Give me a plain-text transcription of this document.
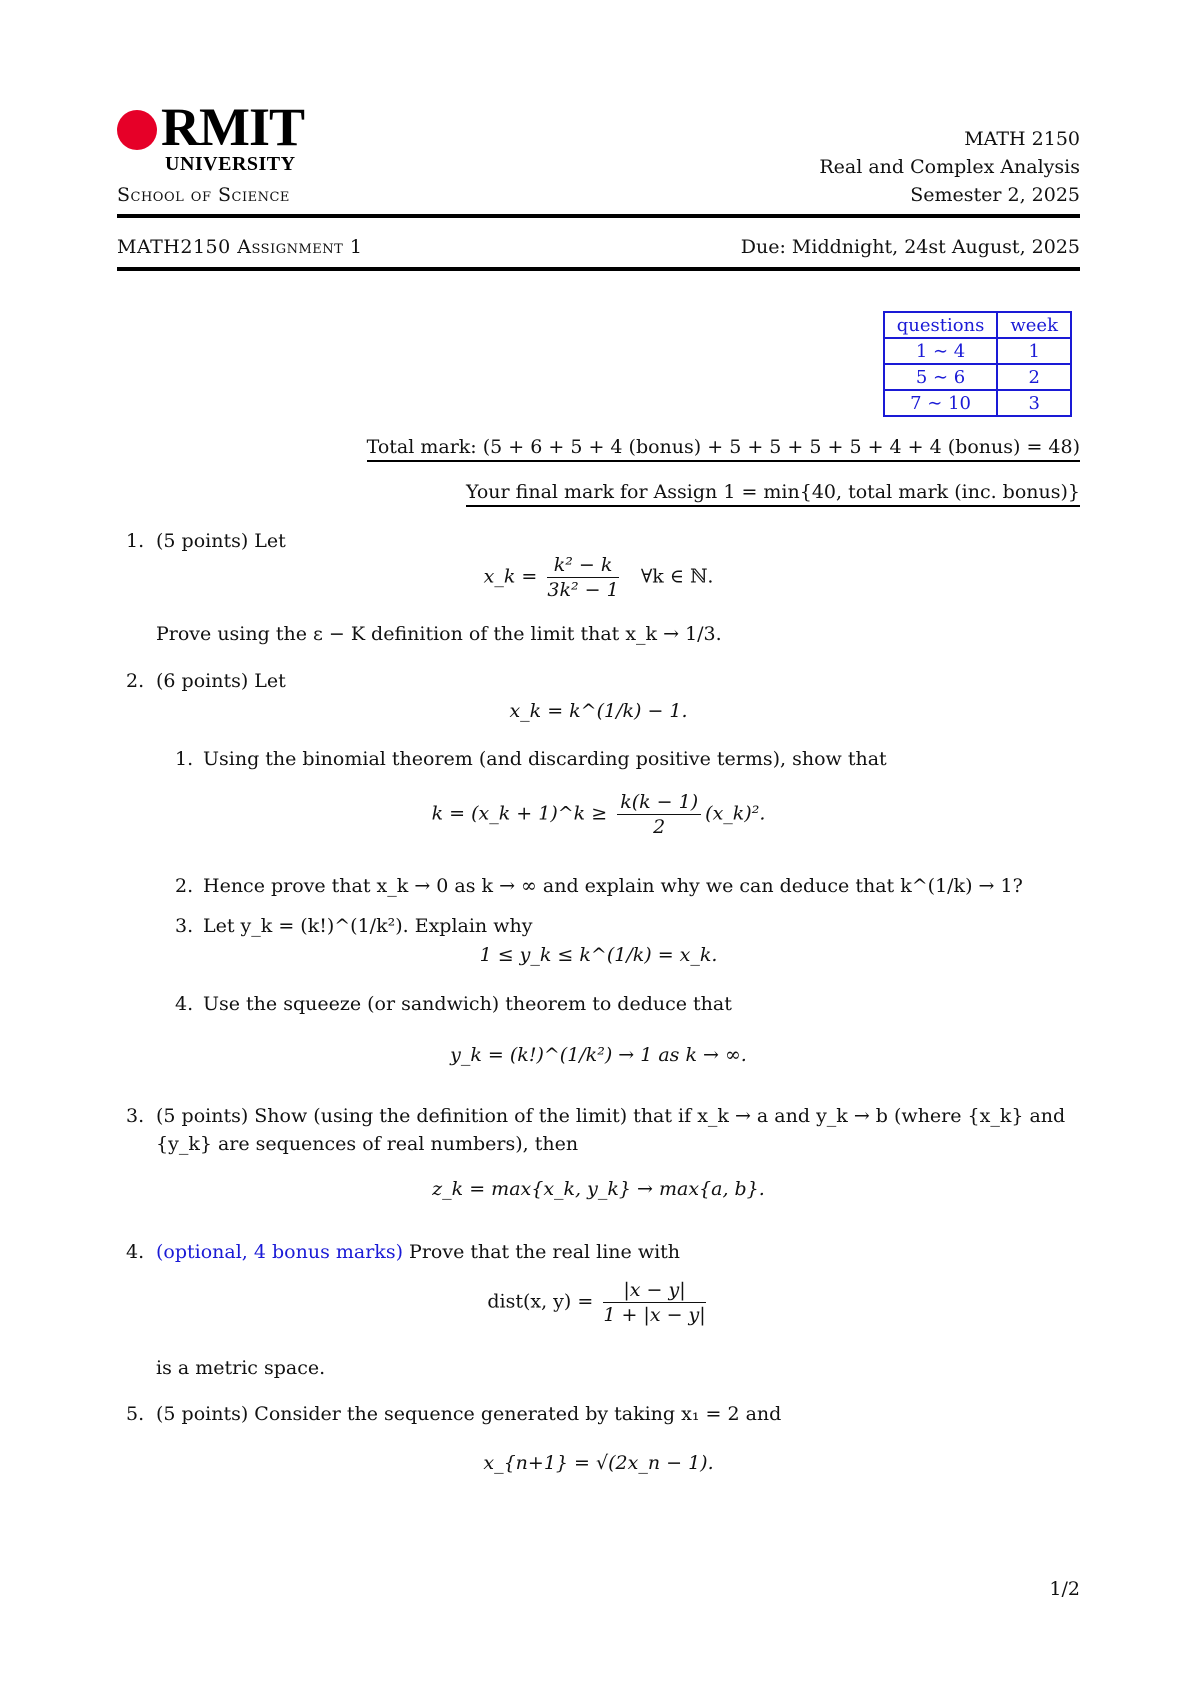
RMIT
UNIVERSITY
School of Science
MATH 2150
Real and Complex Analysis
Semester 2, 2025
MATH2150 Assignment 1	Due: Middnight, 24st August, 2025
questions	week
1 ∼ 4	1
5 ∼ 6	2
7 ∼ 10	3
Total mark: (5 + 6 + 5 + 4 (bonus) + 5 + 5 + 5 + 5 + 4 + 4 (bonus) = 48)
Your final mark for Assign 1 = min{40, total mark (inc. bonus)}
1. (5 points) Let
x_k = $\frac{\text{k² − k}}{\text{3k² − 1}}$ ∀k ∈ ℕ.
Prove using the ε − K definition of the limit that x_k → 1/3.
2. (6 points) Let
x_k = k^(1/k) − 1.
1. Using the binomial theorem (and discarding positive terms), show that
k = (x_k + 1)^k ≥ $\frac{k(k - 1)}{2}$ (x_k)².
2. Hence prove that x_k → 0 as k → ∞ and explain why we can deduce that k^(1/k) → 1?
3. Let y_k = (k!)^(1/k²). Explain why
1 ≤ y_k ≤ k^(1/k) = x_k.
4. Use the squeeze (or sandwich) theorem to deduce that
y_k = (k!)^(1/k²) → 1 as k → ∞.
3. (5 points) Show (using the definition of the limit) that if x_k → a and y_k → b (where {x_k} and {y_k} are sequences of real numbers), then
z_k = max{x_k, y_k} → max{a, b}.
4. (optional, 4 bonus marks) Prove that the real line with
dist(x, $y) = \frac{|x - y|}{1 + |x - y|}$
is a metric space.
5. (5 points) Consider the sequence generated by taking x₁ = 2 and
x_{n+1} = √(2x_n − 1).
1/2
